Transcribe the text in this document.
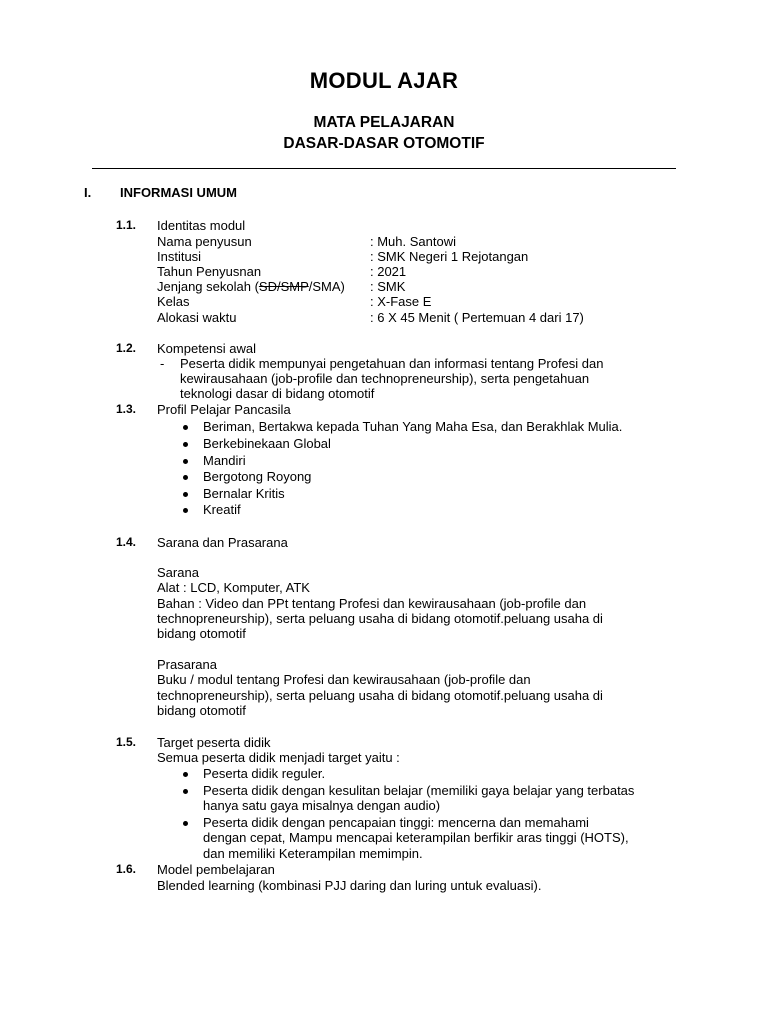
MODUL AJAR
MATA PELAJARAN
DASAR-DASAR OTOMOTIF
I. INFORMASI UMUM
1.1. Identitas modul
Nama penyusun	: Muh. Santowi
Institusi	: SMK Negeri 1 Rejotangan
Tahun Penyusnan	: 2021
Jenjang sekolah (SD/SMP/SMA) : SMK
Kelas	: X-Fase E
Alokasi waktu	: 6 X 45 Menit ( Pertemuan 4 dari 17)
1.2. Kompetensi awal
- Peserta didik mempunyai pengetahuan dan informasi tentang Profesi dan
kewirausahaan (job-profile dan technopreneurship), serta pengetahuan
teknologi dasar di bidang otomotif
1.3. Profil Pelajar Pancasila
Beriman, Bertakwa kepada Tuhan Yang Maha Esa, dan Berakhlak Mulia.
Berkebinekaan Global
Mandiri
Bergotong Royong
Bernalar Kritis
Kreatif
1.4. Sarana dan Prasarana
Sarana
Alat : LCD, Komputer, ATK
Bahan : Video dan PPt tentang Profesi dan kewirausahaan (job-profile dan
technopreneurship), serta peluang usaha di bidang otomotif.peluang usaha di
bidang otomotif
Prasarana
Buku / modul tentang Profesi dan kewirausahaan (job-profile dan
technopreneurship), serta peluang usaha di bidang otomotif.peluang usaha di
bidang otomotif
1.5. Target peserta didik
Semua peserta didik menjadi target yaitu :
Peserta didik reguler.
Peserta didik dengan kesulitan belajar (memiliki gaya belajar yang terbatas
hanya satu gaya misalnya dengan audio)
Peserta didik dengan pencapaian tinggi: mencerna dan memahami
dengan cepat, Mampu mencapai keterampilan berfikir aras tinggi (HOTS),
dan memiliki Keterampilan memimpin.
1.6. Model pembelajaran
Blended learning (kombinasi PJJ daring dan luring untuk evaluasi).
